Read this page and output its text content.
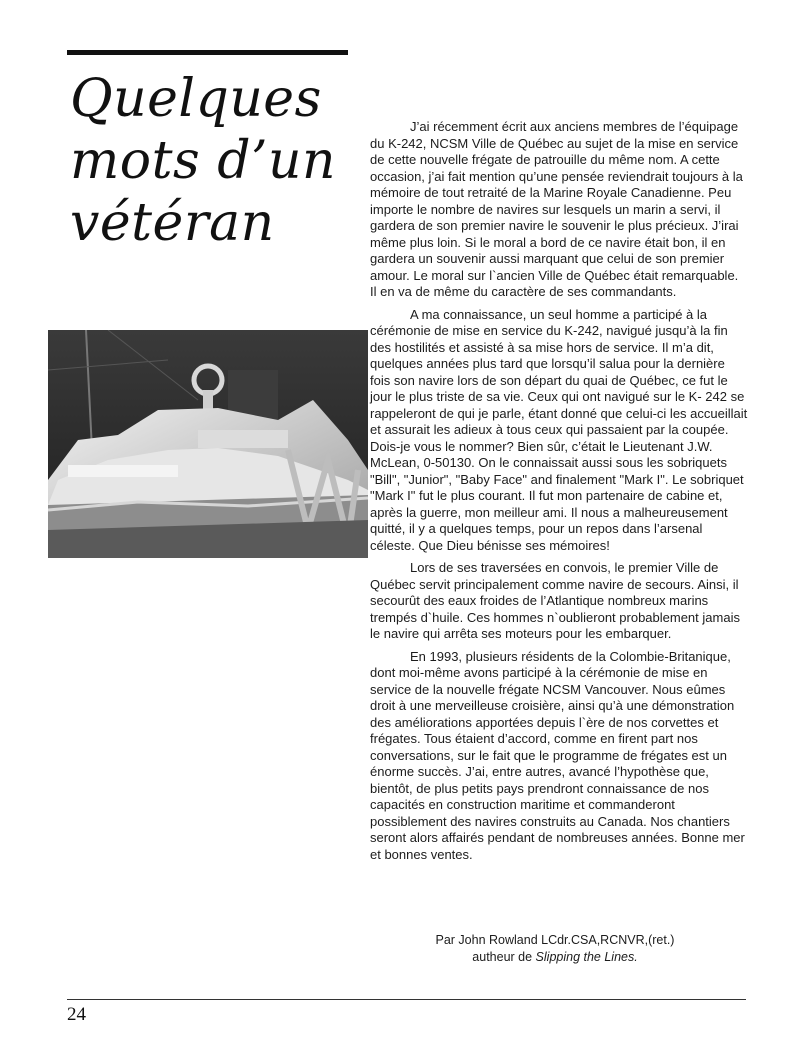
Quelques
mots d’un
vétéran

J’ai récemment écrit aux anciens membres de l’équipage du K-242, NCSM Ville de Québec au sujet de la mise en service de cette nouvelle frégate de patrouille du même nom. A cette occasion, j’ai fait mention qu’une pensée reviendrait toujours à la mémoire de tout retraité de la Marine Royale Canadienne. Peu importe le nombre de navires sur lesquels un marin a servi, il gardera de son premier navire le souvenir le plus précieux. J’irai même plus loin. Si le moral a bord de ce navire était bon, il en gardera un souvenir aussi marquant que celui de son premier amour. Le moral sur l`ancien Ville de Québec était remarquable. Il en va de même du caractère de ses commandants.

A ma connaissance, un seul homme a participé à la cérémonie de mise en service du K-242, navigué jusqu’à la fin des hostilités et assisté à sa mise hors de service. Il m’a dit, quelques années plus tard que lorsqu’il salua pour la dernière fois son navire lors de son départ du quai de Québec, ce fut le jour le plus triste de sa vie. Ceux qui ont navigué sur le K- 242 se rappeleront de qui je parle, étant donné que celui-ci les accueillait et assurait les adieux à tous ceux qui passaient par la coupée. Dois-je vous le nommer? Bien sûr, c’était le Lieutenant J.W. McLean, 0-50130. On le connaissait aussi sous les sobriquets "Bill", "Junior", "Baby Face" and finalement "Mark I". Le sobriquet "Mark I" fut le plus courant. Il fut mon partenaire de cabine et, après la guerre, mon meilleur ami. Il nous a malheureusement quitté, il y a quelques temps, pour un repos dans l’arsenal céleste. Que Dieu bénisse ses mémoires!

Lors de ses traversées en convois, le premier Ville de Québec servit principalement comme navire de secours. Ainsi, il secourût des eaux froides de l’Atlantique nombreux marins trempés d`huile. Ces hommes n`oublieront probablement jamais le navire qui arrêta ses moteurs pour les embarquer.

En 1993, plusieurs résidents de la Colombie-Britanique, dont moi-même avons participé à la cérémonie de mise en service de la nouvelle frégate NCSM Vancouver. Nous eûmes droit à une merveilleuse croisière, ainsi qu’à une démonstration des améliorations apportées depuis l`ère de nos corvettes et frégates. Tous étaient d’accord, comme en firent part nos conversations, sur le fait que le programme de frégates est un énorme succès. J’ai, entre autres, avancé l’hypothèse que, bientôt, de plus petits pays prendront connaissance de nos capacités en construction maritime et commanderont possiblement des navires construits au Canada. Nos chantiers seront alors affairés pendant de nombreuses années. Bonne mer et bonnes ventes.

Par John Rowland LCdr.CSA,RCNVR,(ret.)
autheur de Slipping the Lines.
24
